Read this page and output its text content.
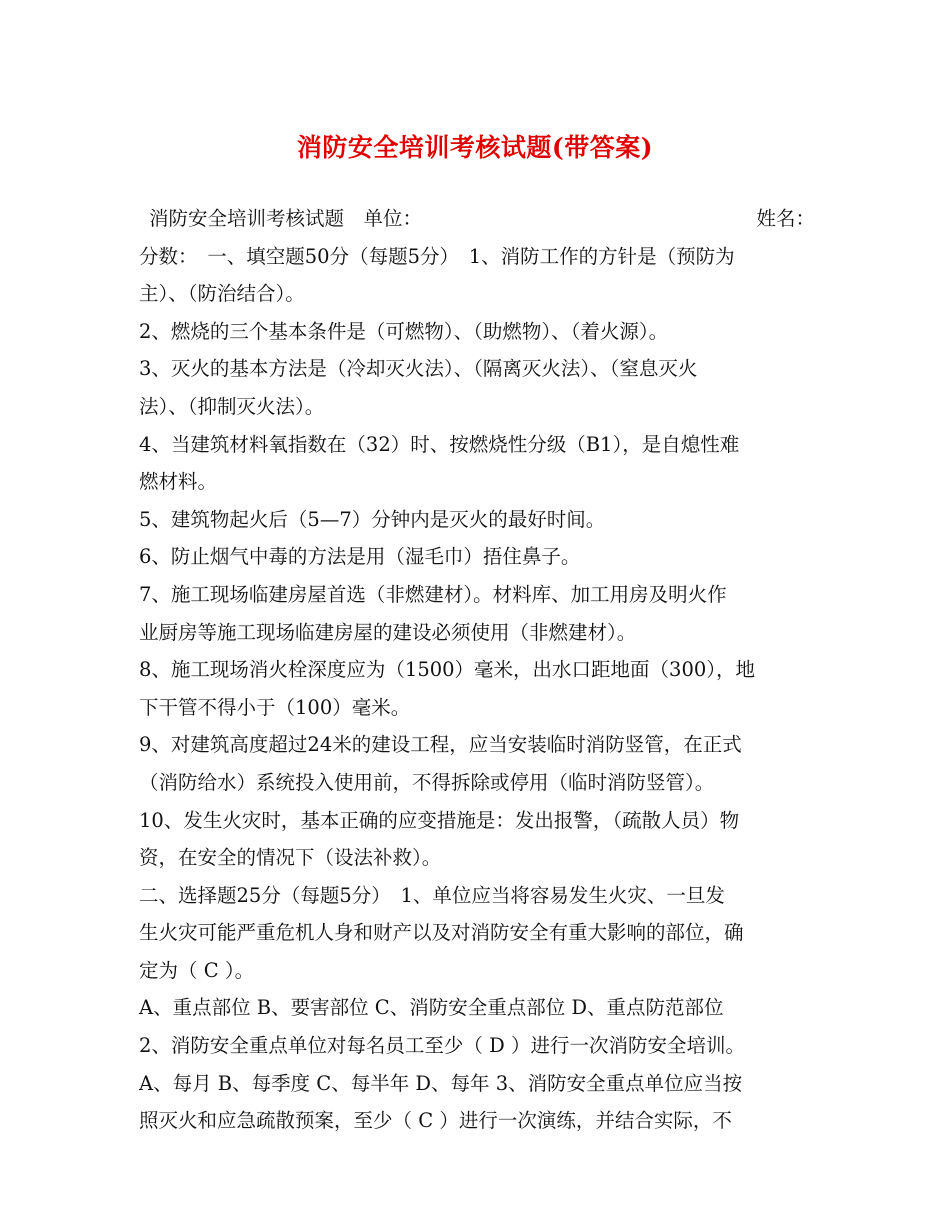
消防安全培训考核试题(带答案)
消防安全培训考核试题　单位：	姓名：
分数：　一、填空题50分（每题5分）　1、消防工作的方针是（预防为
主）、（防治结合）。
2、燃烧的三个基本条件是（可燃物）、（助燃物）、（着火源）。
3、灭火的基本方法是（冷却灭火法）、（隔离灭火法）、（窒息灭火
法）、（抑制灭火法）。
4、当建筑材料氧指数在（32）时、按燃烧性分级（B1），是自熄性难
燃材料。
5、建筑物起火后（5—7）分钟内是灭火的最好时间。
6、防止烟气中毒的方法是用（湿毛巾）捂住鼻子。
7、施工现场临建房屋首选（非燃建材）。材料库、加工用房及明火作
业厨房等施工现场临建房屋的建设必须使用（非燃建材）。
8、施工现场消火栓深度应为（1500）毫米，出水口距地面（300），地
下干管不得小于（100）毫米。
9、对建筑高度超过24米的建设工程，应当安装临时消防竖管，在正式
（消防给水）系统投入使用前，不得拆除或停用（临时消防竖管）。
10、发生火灾时，基本正确的应变措施是：发出报警，（疏散人员）物
资，在安全的情况下（设法补救）。
二、选择题25分（每题5分）　1、单位应当将容易发生火灾、一旦发
生火灾可能严重危机人身和财产以及对消防安全有重大影响的部位，确
定为（ C ）。
A、重点部位 B、要害部位 C、消防安全重点部位 D、重点防范部位
2、消防安全重点单位对每名员工至少（ D ）进行一次消防安全培训。
A、每月 B、每季度 C、每半年 D、每年 3、消防安全重点单位应当按
照灭火和应急疏散预案，至少（ C ）进行一次演练，并结合实际，不
